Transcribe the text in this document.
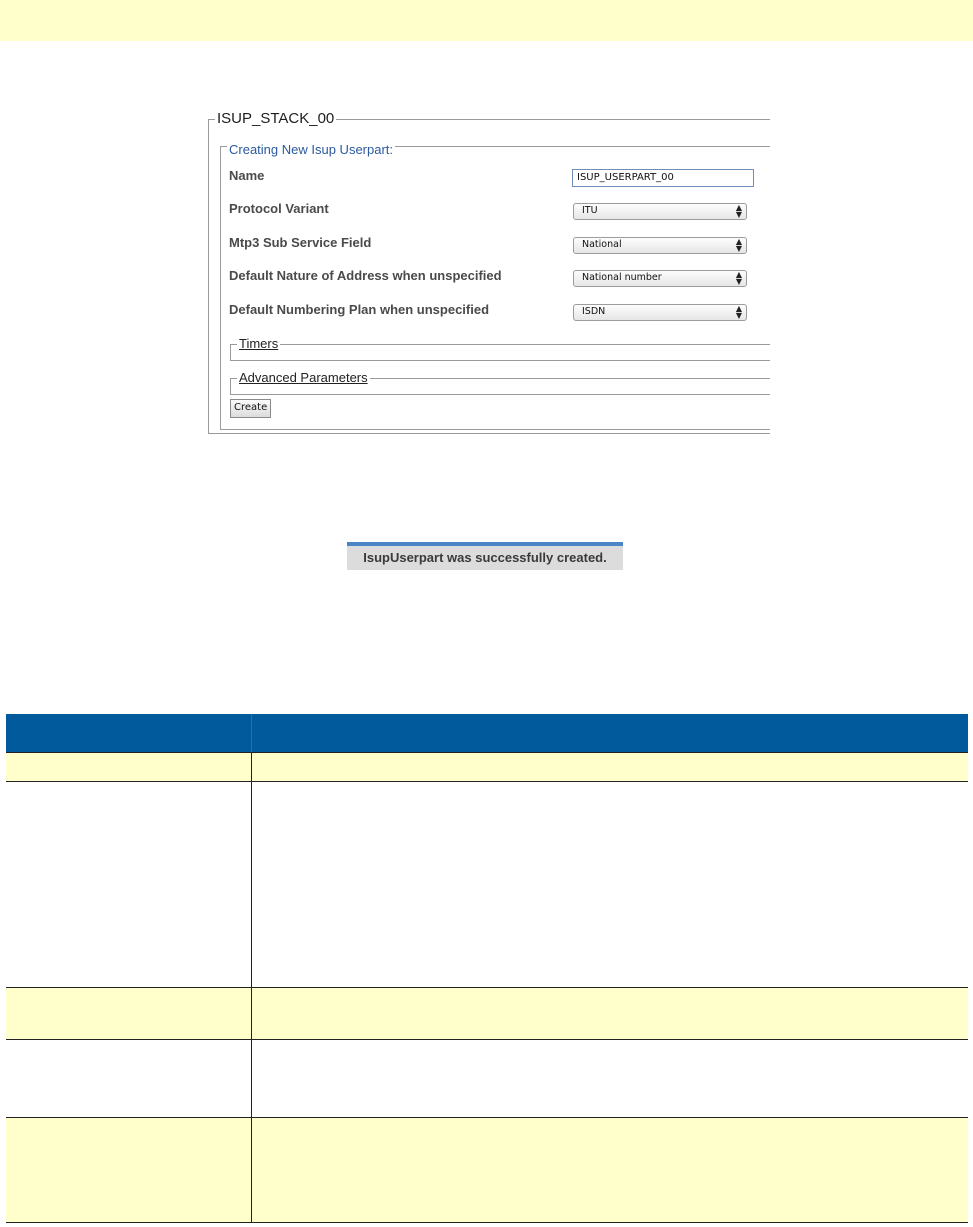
ISUP_STACK_00
Creating New Isup Userpart:
Name	ISUP_USERPART_00
Protocol Variant	ITU	▲
▼
Mtp3 Sub Service Field	National	▲
▼
Default Nature of Address when unspecified	National number	▲
▼
Default Numbering Plan when unspecified	ISDN	▲
▼
Timers
Advanced Parameters
Create
IsupUserpart was successfully created.
